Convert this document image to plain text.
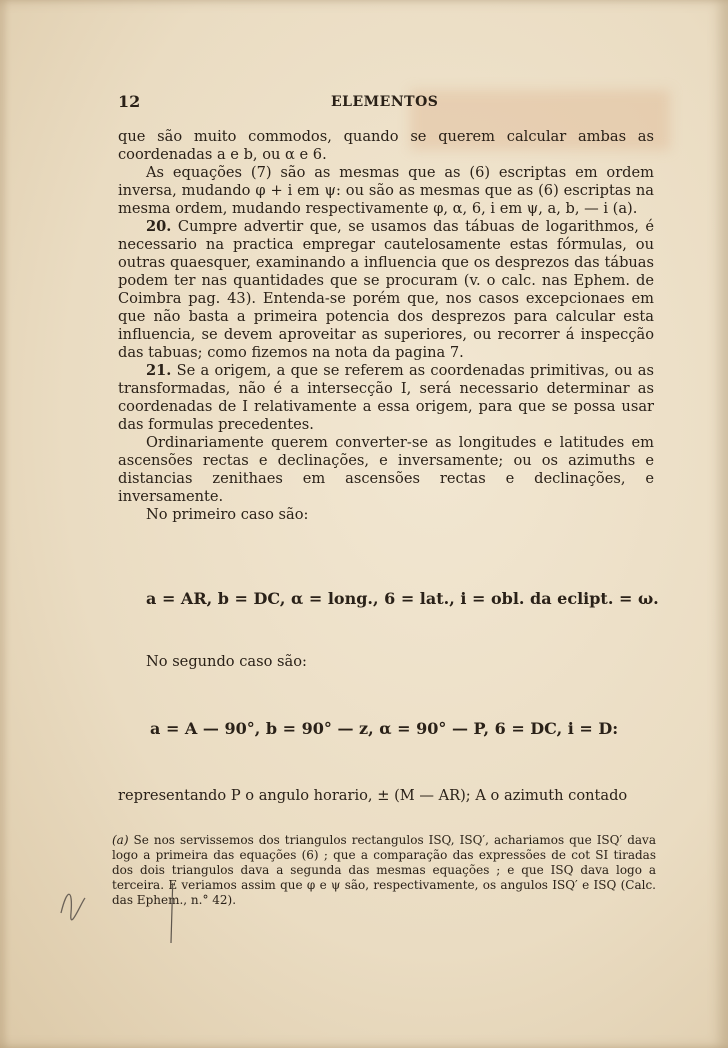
12	ELEMENTOS

que são muito commodos, quando se querem calcular ambas as coordenadas a e b, ou α e 6.

As equações (7) são as mesmas que as (6) escriptas em ordem inversa, mudando φ + i em ψ: ou são as mesmas que as (6) escriptas na mesma ordem, mudando respectivamente φ, α, 6, i em ψ, a, b, — i (a).

20. Cumpre advertir que, se usamos das tábuas de logarithmos, é necessario na practica empregar cautelosamente estas fórmulas, ou outras quaesquer, examinando a influencia que os desprezos das tábuas podem ter nas quantidades que se procuram (v. o calc. nas Ephem. de Coimbra pag. 43). Entenda-se porém que, nos casos excepcionaes em que não basta a primeira potencia dos desprezos para calcular esta influencia, se devem aproveitar as superiores, ou recorrer á inspecção das tabuas; como fizemos na nota da pagina 7.

21. Se a origem, a que se referem as coordenadas primitivas, ou as transformadas, não é a intersecção I, será necessario determinar as coordenadas de I relativamente a essa origem, para que se possa usar das formulas precedentes.

Ordinariamente querem converter-se as longitudes e latitudes em ascensões rectas e declinações, e inversamente; ou os azimuths e distancias zenithaes em ascensões rectas e declinações, e inversamente.

No primeiro caso são:

a = AR, b = DC, α = long., 6 = lat., i = obl. da eclipt. = ω.
No segundo caso são:
a = A — 90°, b = 90° — z, α = 90° — P, 6 = DC, i = D:
representando P o angulo horario, ± (M — AR); A o azimuth contado
(a) Se nos servissemos dos triangulos rectangulos ISQ, ISQ′, achariamos que ISQ′ dava logo a primeira das equações (6) ; que a comparação das expressões de cot SI tiradas dos dois triangulos dava a segunda das mesmas equações ; e que ISQ dava logo a terceira. E veriamos assim que φ e ψ são, respectivamente, os angulos ISQ′ e ISQ (Calc. das Ephem., n.° 42).
